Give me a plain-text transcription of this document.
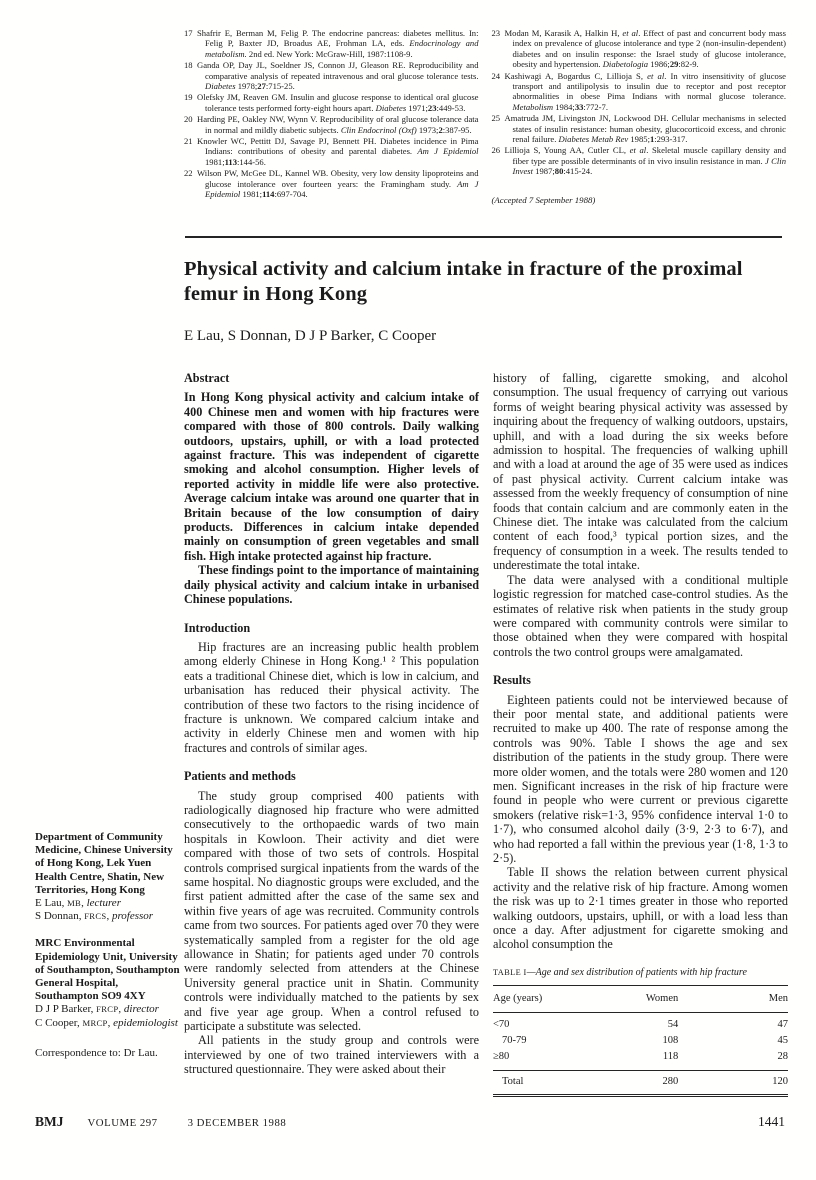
17 Shafrir E, Berman M, Felig P. The endocrine pancreas: diabetes mellitus. In: Felig P, Baxter JD, Broadus AE, Frohman LA, eds. Endocrinology and metabolism. 2nd ed. New York: McGraw-Hill, 1987:1108-9.
18 Ganda OP, Day JL, Soeldner JS, Connon JJ, Gleason RE. Reproducibility and comparative analysis of repeated intravenous and oral glucose tolerance tests. Diabetes 1978;27:715-25.
19 Olefsky JM, Reaven GM. Insulin and glucose response to identical oral glucose tolerance tests performed forty-eight hours apart. Diabetes 1971;23:449-53.
20 Harding PE, Oakley NW, Wynn V. Reproducibility of oral glucose tolerance data in normal and mildly diabetic subjects. Clin Endocrinol (Oxf) 1973;2:387-95.
21 Knowler WC, Pettitt DJ, Savage PJ, Bennett PH. Diabetes incidence in Pima Indians: contributions of obesity and parental diabetes. Am J Epidemiol 1981;113:144-56.
22 Wilson PW, McGee DL, Kannel WB. Obesity, very low density lipoproteins and glucose intolerance over fourteen years: the Framingham study. Am J Epidemiol 1981;114:697-704.
23 Modan M, Karasik A, Halkin H, et al. Effect of past and concurrent body mass index on prevalence of glucose intolerance and type 2 (non-insulin-dependent) diabetes and on insulin response: the Israel study of glucose intolerance, obesity and hypertension. Diabetologia 1986;29:82-9.
24 Kashiwagi A, Bogardus C, Lillioja S, et al. In vitro insensitivity of glucose transport and antilipolysis to insulin due to receptor and post receptor abnormalities in obese Pima Indians with normal glucose tolerance. Metabolism 1984;33:772-7.
25 Amatruda JM, Livingston JN, Lockwood DH. Cellular mechanisms in selected states of insulin resistance: human obesity, glucocorticoid excess, and chronic renal failure. Diabetes Metab Rev 1985;1:293-317.
26 Lillioja S, Young AA, Cutler CL, et al. Skeletal muscle capillary density and fiber type are possible determinants of in vivo insulin resistance in man. J Clin Invest 1987;80:415-24.
(Accepted 7 September 1988)
Physical activity and calcium intake in fracture of the proximal femur in Hong Kong
E Lau, S Donnan, D J P Barker, C Cooper
Abstract

In Hong Kong physical activity and calcium intake of 400 Chinese men and women with hip fractures were compared with those of 800 controls. Daily walking outdoors, upstairs, uphill, or with a load protected against fracture. This was independent of cigarette smoking and alcohol consumption. Higher levels of reported activity in middle life were also protective. Average calcium intake was around one quarter that in Britain because of the low consumption of dairy products. Differences in calcium intake depended mainly on consumption of green vegetables and small fish. High intake protected against hip fracture.

These findings point to the importance of maintaining daily physical activity and calcium intake in urbanised Chinese populations.

Introduction

Hip fractures are an increasing public health problem among elderly Chinese in Hong Kong.¹ ² This population eats a traditional Chinese diet, which is low in calcium, and urbanisation has reduced their physical activity. The contribution of these two factors to the rising incidence of fracture is unknown. We compared calcium intake and activity in elderly Chinese men and women with hip fractures and controls of similar ages.

Patients and methods

The study group comprised 400 patients with radiologically diagnosed hip fracture who were admitted consecutively to the orthopaedic wards of two main hospitals in Kowloon. Their activity and diet were compared with those of two sets of controls. Hospital controls comprised surgical inpatients from the wards of the same hospital. No diagnostic groups were excluded, and the first patient admitted after the case of the same sex and within five years of age was recruited. Community controls came from two sources. For patients aged over 70 they were systematically sampled from a register for the old age allowance in Shatin; for patients aged under 70 controls were randomly selected from attenders at the Chinese University general practice unit in Shatin. Community controls were individually matched to the patients by sex and five year age group. When a control refused to participate a substitute was selected.

All patients in the study group and controls were interviewed by one of two trained interviewers with a structured questionnaire. They were asked about their

history of falling, cigarette smoking, and alcohol consumption. The usual frequency of carrying out various forms of weight bearing physical activity was assessed by inquiring about the frequency of walking outdoors, upstairs, uphill, and with a load during the six weeks before admission to hospital. The frequencies of walking uphill and with a load at around the age of 35 were used as indices of past physical activity. Current calcium intake was assessed from the weekly frequency of consumption of nine foods that contain calcium and are commonly eaten in the Chinese diet. The intake was calculated from the calcium content of each food,³ typical portion sizes, and the frequency of consumption in a week. The results tended to underestimate the total intake.

The data were analysed with a conditional multiple logistic regression for matched case-control studies. As the estimates of relative risk when patients in the study group were compared with community controls were similar to those obtained when they were compared with hospital controls the two control groups were amalgamated.

Results

Eighteen patients could not be interviewed because of their poor mental state, and additional patients were recruited to make up 400. The rate of response among the controls was 90%. Table I shows the age and sex distribution of the patients in the study group. There were more older women, and the totals were 280 women and 120 men. Significant increases in the risk of hip fracture were found in people who were current or previous cigarette smokers (relative risk=1·3, 95% confidence interval 1·0 to 1·7), who consumed alcohol daily (3·9, 2·3 to 6·7), and who had reported a fall within the previous year (1·8, 1·3 to 2·5).

Table II shows the relation between current physical activity and the relative risk of hip fracture. Among women the risk was up to 2·1 times greater in those who reported walking outdoors, upstairs, uphill, or with a load less than once a day. After adjustment for cigarette smoking and alcohol consumption the

TABLE I—Age and sex distribution of patients with hip fracture
Age (years)	Women	Men
<70	54	47
70-79	108	45
≥80	118	28
Total	280	120
Department of Community Medicine, Chinese University of Hong Kong, Lek Yuen Health Centre, Shatin, New Territories, Hong Kong
E Lau, MB, lecturer
S Donnan, FRCS, professor
MRC Environmental Epidemiology Unit, University of Southampton, Southampton General Hospital, Southampton SO9 4XY
D J P Barker, FRCP, director
C Cooper, MRCP, epidemiologist
Correspondence to: Dr Lau.
BMJ VOLUME 297	3 DECEMBER 1988	1441
